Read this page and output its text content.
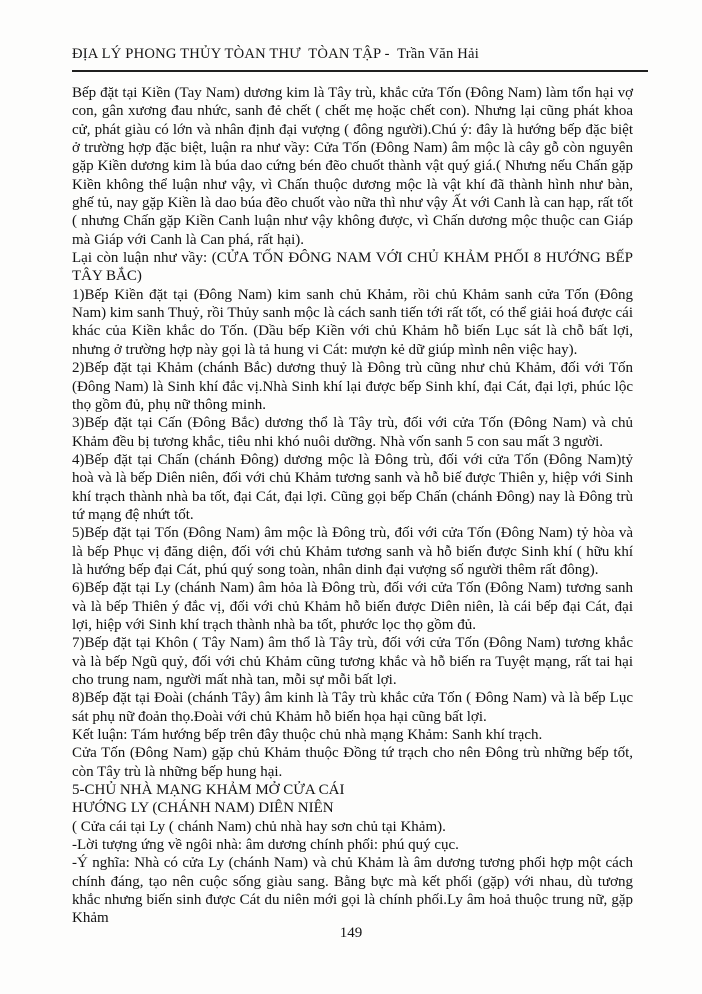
ĐỊA LÝ PHONG THỦY TÒAN THƯ  TÒAN TẬP -  Trần Văn Hải

Bếp đặt tại Kiền (Tay Nam) dương kim là Tây trù, khắc cửa Tốn (Đông Nam) làm tổn hại vợ con, gân xương đau nhức, sanh đẻ chết ( chết mẹ hoặc chết con). Nhưng lại cũng phát khoa cử, phát giàu có lớn và nhân định đại vượng ( đông người).Chú ý: đây là hướng bếp đặc biệt ở trường hợp đặc biệt, luận ra như vầy: Cửa Tốn (Đông Nam) âm mộc là cây gỗ còn nguyên gặp Kiền dương kim là búa dao cứng bén đẽo chuốt thành vật quý giá.( Nhưng nếu Chấn gặp Kiền không thể luận như vậy, vì Chấn thuộc dương mộc là vật khí đã thành hình như bàn, ghế tủ, nay gặp Kiền là dao búa đẽo chuốt vào nữa thì như vậy Ất với Canh là can hạp, rất tốt ( nhưng Chấn gặp Kiền Canh luận như vậy không được, vì Chấn dương mộc thuộc can Giáp mà Giáp với Canh là Can phá, rất hại).

Lại còn luận như vầy: (CỬA TỐN ĐÔNG NAM VỚI CHỦ KHẢM PHỐI 8 HƯỚNG BẾP TÂY BẮC)

1)Bếp Kiền đặt tại (Đông Nam) kim sanh chủ Khảm, rồi chủ Khảm sanh cửa Tốn (Đông Nam) kim sanh Thuỷ, rồi Thủy sanh mộc là cách sanh tiến tới rất tốt, có thể giải hoá được cái khác của Kiền khắc do Tốn. (Dầu bếp Kiền với chủ Khảm hỗ biến Lục sát là chỗ bất lợi, nhưng ở trường hợp này gọi là tả hung vi Cát: mượn kẻ dữ giúp mình nên việc hay).

2)Bếp đặt tại Khảm (chánh Bắc) dương thuỷ là Đông trù cũng như chủ Khảm, đối với Tốn (Đông Nam) là Sinh khí đắc vị.Nhà Sinh khí lại được bếp Sinh khí, đại Cát, đại lợi, phúc lộc thọ gồm đủ, phụ nữ thông minh.

3)Bếp đặt tại Cấn (Đông Bắc) dương thổ là Tây trù, đối với cửa Tốn (Đông Nam) và chủ Khảm đều bị tương khắc, tiêu nhi khó nuôi dưỡng. Nhà vốn sanh 5 con sau mất 3 người.

4)Bếp đặt tại Chấn (chánh Đông) dương mộc là Đông trù, đối với cửa Tốn (Đông Nam)tỷ hoà và là bếp Diên niên, đối với chủ Khảm tương sanh và hỗ biế được Thiên y, hiệp với Sinh khí trạch thành nhà ba tốt, đại Cát, đại lợi. Cũng gọi bếp Chấn (chánh Đông) nay là Đông trù tứ mạng đệ nhứt tốt.

5)Bếp đặt tại Tốn (Đông Nam) âm mộc là Đông trù, đối với cửa Tốn (Đông Nam) tỷ hòa và là bếp Phục vị đăng diện, đối với chủ Khảm tương sanh và hỗ biến được Sinh khí ( hữu khí là hướng bếp đại Cát, phú quý song toàn, nhân dinh đại vượng số người thêm rất đông).

6)Bếp đặt tại Ly (chánh Nam) âm hỏa là Đông trù, đối với cửa Tốn (Đông Nam) tương sanh và là bếp Thiên ý đắc vị, đối với chủ Khảm hỗ biến được Diên niên, là cái bếp đại Cát, đại lợi, hiệp với Sinh khí trạch thành nhà ba tốt, phước lọc thọ gồm đủ.

7)Bếp đặt tại Khôn ( Tây Nam) âm thổ là Tây trù, đối với cửa Tốn (Đông Nam) tương khắc và là bếp Ngũ quỷ, đối với chủ Khảm cũng tương khắc và hỗ biến ra Tuyệt mạng, rất tai hại cho trung nam, người mất nhà tan, mỗi sự mỗi bất lợi.

8)Bếp đặt tại Đoài (chánh Tây) âm kinh là Tây trù khắc cửa Tốn ( Đông Nam) và là bếp Lục sát phụ nữ đoản thọ.Đoài với chủ Khảm hỗ biến họa hại cũng bất lợi.

Kết luận: Tám hướng bếp trên đây thuộc chủ nhà mạng Khảm: Sanh khí trạch.

Cửa Tốn (Đông Nam) gặp chủ Khảm thuộc Đồng tứ trạch cho nên Đông trù những bếp tốt, còn Tây trù là những bếp hung hại.

5-CHỦ NHÀ MẠNG KHẢM MỞ CỬA CÁI

HƯỚNG LY (CHÁNH NAM) DIÊN NIÊN

( Cửa cái tại Ly ( chánh Nam) chủ nhà hay sơn chủ tại Khảm).

-Lời tượng ứng về ngôi nhà: âm dương chính phối: phú quý cục.

-Ý nghĩa: Nhà có cửa Ly (chánh Nam) và chủ Khảm là âm dương tương phối hợp một cách chính đáng, tạo nên cuộc sống giàu sang. Bằng bực mà kết phối (gặp) với nhau, dù tương khắc nhưng biến sinh được Cát du niên mới gọi là chính phối.Ly âm hoả thuộc trung nữ, gặp Khảm

149
